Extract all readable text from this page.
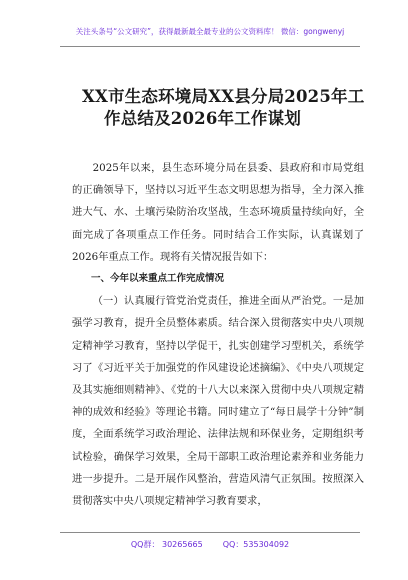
关注头条号“公文研究”，获得最新最全最专业的公文资料库！ 微信：gongwenyj
XX市生态环境局XX县分局2025年工
作总结及2026年工作谋划

2025年以来，县生态环境分局在县委、县政府和市局党组的正确领导下，坚持以习近平生态文明思想为指导，全力深入推进大气、水、土壤污染防治攻坚战，生态环境质量持续向好，全面完成了各项重点工作任务。同时结合工作实际，认真谋划了2026年重点工作。现将有关情况报告如下：

一、今年以来重点工作完成情况

（一）认真履行管党治党责任，推进全面从严治党。一是加强学习教育，提升全员整体素质。结合深入贯彻落实中央八项规定精神学习教育，坚持以学促干，扎实创建学习型机关，系统学习了《习近平关于加强党的作风建设论述摘编》、《中央八项规定及其实施细则精神》、《党的十八大以来深入贯彻中央八项规定精神的成效和经验》等理论书籍。同时建立了“每日晨学十分钟”制度，全面系统学习政治理论、法律法规和环保业务，定期组织考试检验，确保学习效果，全局干部职工政治理论素养和业务能力进一步提升。二是开展作风整治，营造风清气正氛围。按照深入贯彻落实中央八项规定精神学习教育要求，

QQ群： 30265665	QQ：535304092
